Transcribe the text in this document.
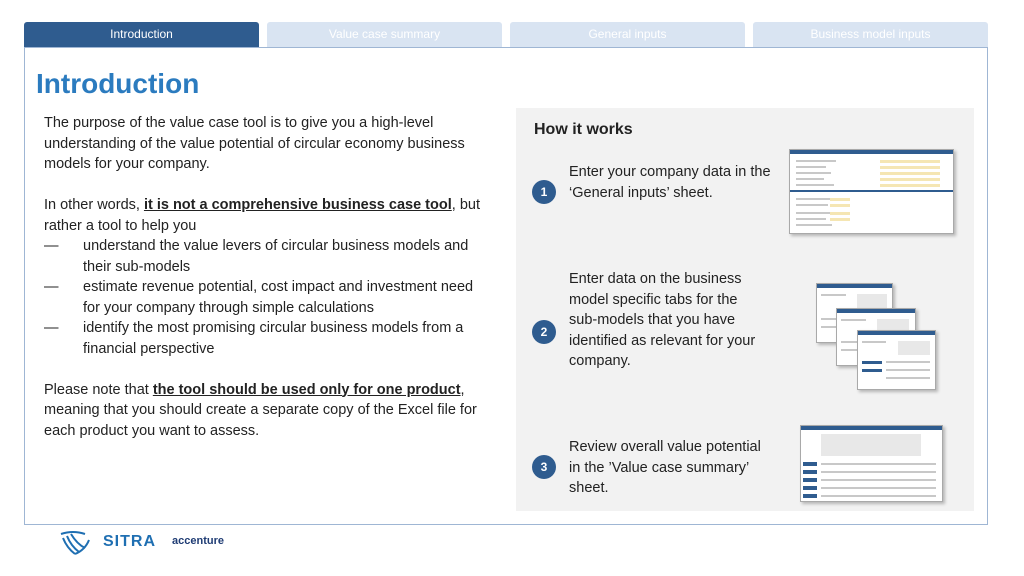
Introduction	Value case summary	General inputs	Business model inputs
Introduction

The purpose of the value case tool is to give you a high-level understanding of the value potential of circular economy business models for your company.

In other words, it is not a comprehensive business case tool, but rather a tool to help you

—	understand the value levers of circular business models and their sub-models
—	estimate revenue potential, cost impact and investment need for your company through simple calculations
—	identify the most promising circular business models from a financial perspective

Please note that the tool should be used only for one product, meaning that you should create a separate copy of the Excel file for each product you want to assess.

How it works
1
Enter your company data in the ‘General inputs’ sheet.
2
Enter data on the business model specific tabs for the sub-models that you have identified as relevant for your company.
3
Review overall value potential in the ’Value case summary’ sheet.
SITRA accenture
